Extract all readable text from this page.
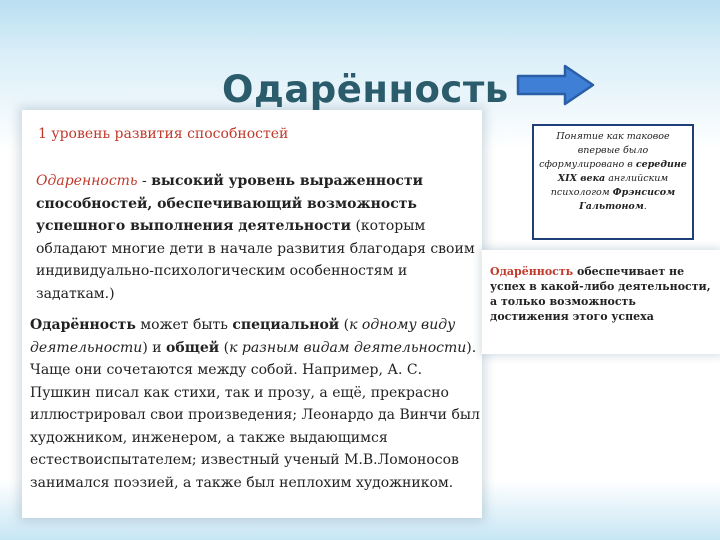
Одарённость
1 уровень развития способностей
Одаренность - высокий уровень выраженности способностей, обеспечивающий возможность успешного выполнения деятельности (которым обладают многие дети в начале развития благодаря своим индивидуально-психологическим особенностям и задаткам.)
Одарённость может быть специальной (к одному виду деятельности) и общей (к разным видам деятельности). Чаще они сочетаются между собой. Например, А. С. Пушкин писал как стихи, так и прозу, а ещё, прекрасно иллюстрировал свои произведения; Леонардо да Винчи был художником, инженером, а также выдающимся естествоиспытателем; известный ученый М.В.Ломоносов занимался поэзией, а также был неплохим художником.
Понятие как таковое впервые было сформулировано в середине XIX века английским психологом Фрэнсисом Гальтоном.
Одарённость обеспечивает не успех в какой-либо деятельности, а только возможность достижения этого успеха
